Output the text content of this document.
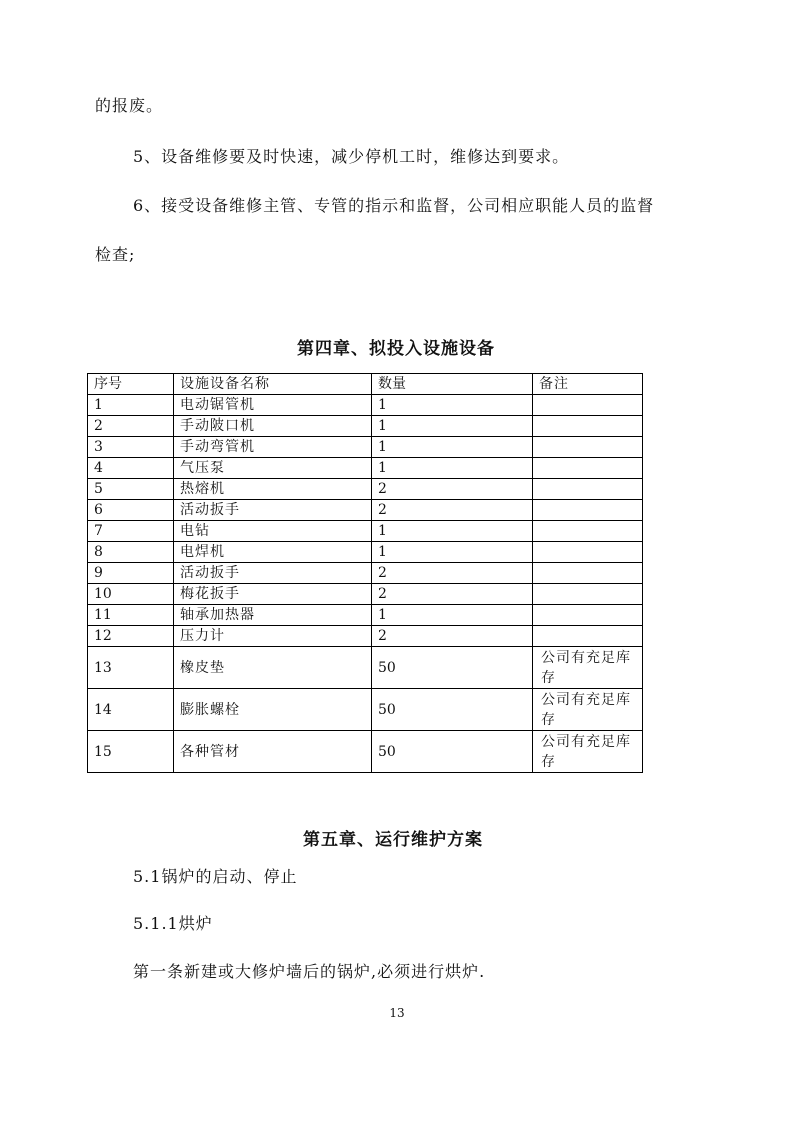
的报废。
5、设备维修要及时快速，减少停机工时，维修达到要求。
6、接受设备维修主管、专管的指示和监督，公司相应职能人员的监督
检查;
第四章、拟投入设施设备
序号	设施设备名称	数量	备注
1	电动锯管机	1	
2	手动陂口机	1	
3	手动弯管机	1	
4	气压泵	1	
5	热熔机	2	
6	活动扳手	2	
7	电钻	1	
8	电焊机	1	
9	活动扳手	2	
10	梅花扳手	2	
11	轴承加热器	1	
12	压力计	2	
13	橡皮垫	50	公司有充足库存
14	膨胀螺栓	50	公司有充足库存
15	各种管材	50	公司有充足库存
第五章、运行维护方案
5.1锅炉的启动、停止
5.1.1烘炉
第一条新建或大修炉墙后的锅炉,必须进行烘炉.
13
